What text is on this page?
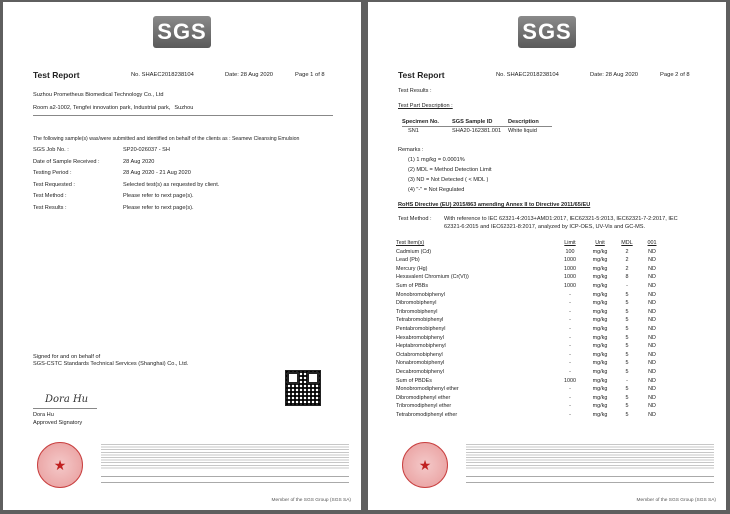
SGS
Test Report	No. SHAEC2018238104	Date: 28 Aug 2020	Page 1 of 8
Suzhou Prometheus Biomedical Technology Co., Ltd
Room a2-1002, Tengfei innovation park, Industrial park，Suzhou
The following sample(s) was/were submitted and identified on behalf of the clients as : Seamew Cleansing Emulsion
SGS Job No. :	SP20-026037 - SH
Date of Sample Received :	28 Aug 2020
Testing Period :	28 Aug 2020 - 21 Aug 2020
Test Requested :	Selected test(s) as requested by client.
Test Method :	Please refer to next page(s).
Test Results :	Please refer to next page(s).
Signed for and on behalf of
SGS-CSTC Standards Technical Services (Shanghai) Co., Ltd.
Dora Hu
Dora Hu
Approved Signatory
★
Member of the SGS Group (SGS SA)
SGS
Test Report	No. SHAEC2018238104	Date: 28 Aug 2020	Page 2 of 8
Test Results :
Test Part Description :
Specimen No. SGS Sample ID	Description
SN1	SHA20-162381.001 White liquid
Remarks :
(1) 1 mg/kg = 0.0001%
(2) MDL = Method Detection Limit
(3) ND = Not Detected ( < MDL )
(4) "-" = Not Regulated
RoHS Directive (EU) 2015/863 amending Annex II to Directive 2011/65/EU
Test Method : With reference to IEC 62321-4:2013+AMD1:2017, IEC62321-5:2013, IEC62321-7-2:2017, IEC
62321-6:2015 and IEC62321-8:2017, analyzed by ICP-OES, UV-Vis and GC-MS.
Test Item(s)	Limit	Unit	MDL	001
Cadmium (Cd)	100	mg/kg	2	ND
Lead (Pb)	1000	mg/kg	2	ND
Mercury (Hg)	1000	mg/kg	2	ND
Hexavalent Chromium (Cr(VI))	1000	mg/kg	8	ND
Sum of PBBs	1000	mg/kg	-	ND
Monobromobiphenyl	-	mg/kg	5	ND
Dibromobiphenyl	-	mg/kg	5	ND
Tribromobiphenyl	-	mg/kg	5	ND
Tetrabromobiphenyl	-	mg/kg	5	ND
Pentabromobiphenyl	-	mg/kg	5	ND
Hexabromobiphenyl	-	mg/kg	5	ND
Heptabromobiphenyl	-	mg/kg	5	ND
Octabromobiphenyl	-	mg/kg	5	ND
Nonabromobiphenyl	-	mg/kg	5	ND
Decabromobiphenyl	-	mg/kg	5	ND
Sum of PBDEs	1000	mg/kg	-	ND
Monobromodiphenyl ether	-	mg/kg	5	ND
Dibromodiphenyl ether	-	mg/kg	5	ND
Tribromodiphenyl ether	-	mg/kg	5	ND
Tetrabromodiphenyl ether	-	mg/kg	5	ND
★
Member of the SGS Group (SGS SA)
